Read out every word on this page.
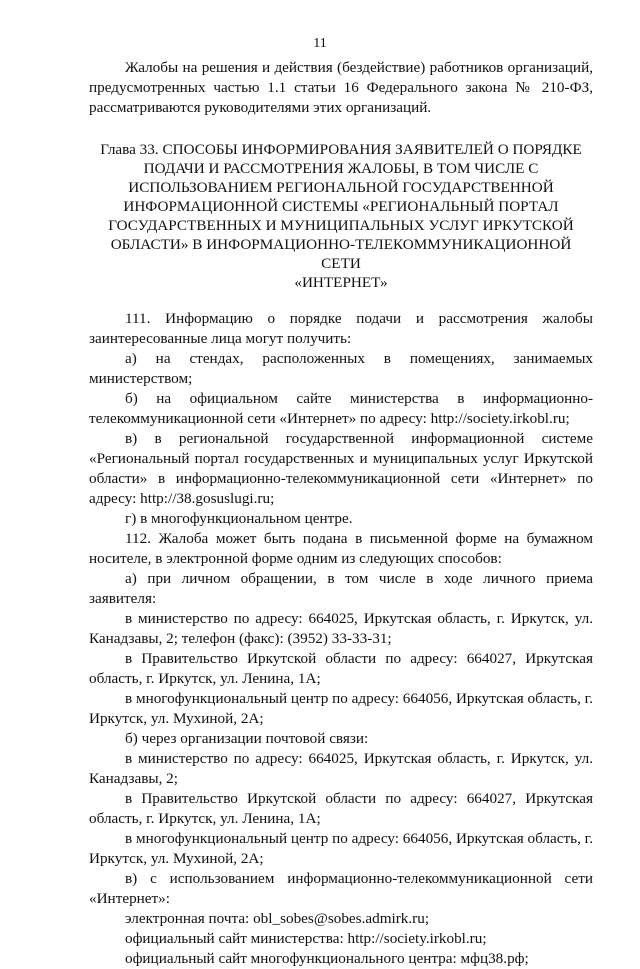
11

Жалобы на решения и действия (бездействие) работников организаций, предусмотренных частью 1.1 статьи 16 Федерального закона № 210-ФЗ, рассматриваются руководителями этих организаций.

Глава 33. СПОСОБЫ ИНФОРМИРОВАНИЯ ЗАЯВИТЕЛЕЙ О ПОРЯДКЕ
ПОДАЧИ И РАССМОТРЕНИЯ ЖАЛОБЫ, В ТОМ ЧИСЛЕ С
ИСПОЛЬЗОВАНИЕМ РЕГИОНАЛЬНОЙ ГОСУДАРСТВЕННОЙ
ИНФОРМАЦИОННОЙ СИСТЕМЫ «РЕГИОНАЛЬНЫЙ ПОРТАЛ
ГОСУДАРСТВЕННЫХ И МУНИЦИПАЛЬНЫХ УСЛУГ ИРКУТСКОЙ
ОБЛАСТИ» В ИНФОРМАЦИОННО-ТЕЛЕКОММУНИКАЦИОННОЙ СЕТИ
«ИНТЕРНЕТ»

111. Информацию о порядке подачи и рассмотрения жалобы заинтересованные лица могут получить:

а) на стендах, расположенных в помещениях, занимаемых министерством;

б) на официальном сайте министерства в информационно-телекоммуникационной сети «Интернет» по адресу: http://society.irkobl.ru;

в) в региональной государственной информационной системе «Региональный портал государственных и муниципальных услуг Иркутской области» в информационно-телекоммуникационной сети «Интернет» по адресу: http://38.gosuslugi.ru;

г) в многофункциональном центре.

112. Жалоба может быть подана в письменной форме на бумажном носителе, в электронной форме одним из следующих способов:

а) при личном обращении, в том числе в ходе личного приема заявителя:

в министерство по адресу: 664025, Иркутская область, г. Иркутск, ул. Канадзавы, 2; телефон (факс): (3952) 33-33-31;

в Правительство Иркутской области по адресу: 664027, Иркутская область, г. Иркутск, ул. Ленина, 1А;

в многофункциональный центр по адресу: 664056, Иркутская область, г. Иркутск, ул. Мухиной, 2А;

б) через организации почтовой связи:

в министерство по адресу: 664025, Иркутская область, г. Иркутск, ул. Канадзавы, 2;

в Правительство Иркутской области по адресу: 664027, Иркутская область, г. Иркутск, ул. Ленина, 1А;

в многофункциональный центр по адресу: 664056, Иркутская область, г. Иркутск, ул. Мухиной, 2А;

в) с использованием информационно-телекоммуникационной сети «Интернет»:

электронная почта: obl_sobes@sobes.admirk.ru;

официальный сайт министерства: http://society.irkobl.ru;

официальный сайт многофункционального центра: мфц38.рф;
